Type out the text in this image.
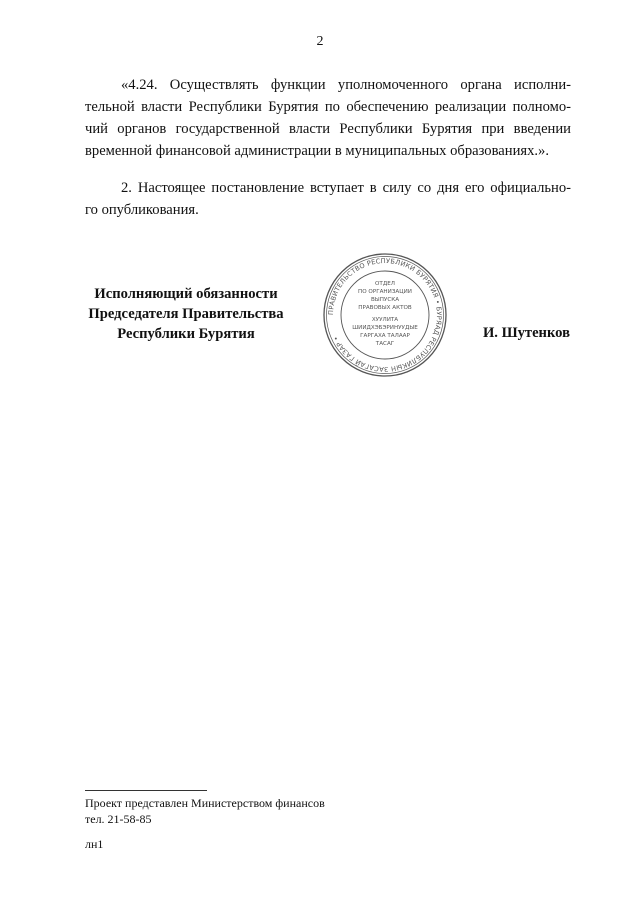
2
«4.24. Осуществлять функции уполномоченного органа исполни-
тельной власти Республики Бурятия по обеспечению реализации полномо-
чий органов государственной власти Республики Бурятия при введении
временной финансовой администрации в муниципальных образованиях.».
2. Настоящее постановление вступает в силу со дня его официально-
го опубликования.
Исполняющий обязанности
Председателя Правительства
Республики Бурятия
ПРАВИТЕЛЬСТВО РЕСПУБЛИКИ БУРЯТИЯ • БУРЯАД РЕСПУБЛИКЫН ЗАСАГАЙ ГАЗАР •
ОТДЕЛ
ПО ОРГАНИЗАЦИИ
ВЫПУСКА
ПРАВОВЫХ АКТОВ
ХУУЛИТА
ШИИДХЭБЭРИНУУДЫЕ
ГАРГАХА ТАЛААР
ТАСАГ
И. Шутенков
Проект представлен Министерством финансов
тел. 21-58-85
лн1
